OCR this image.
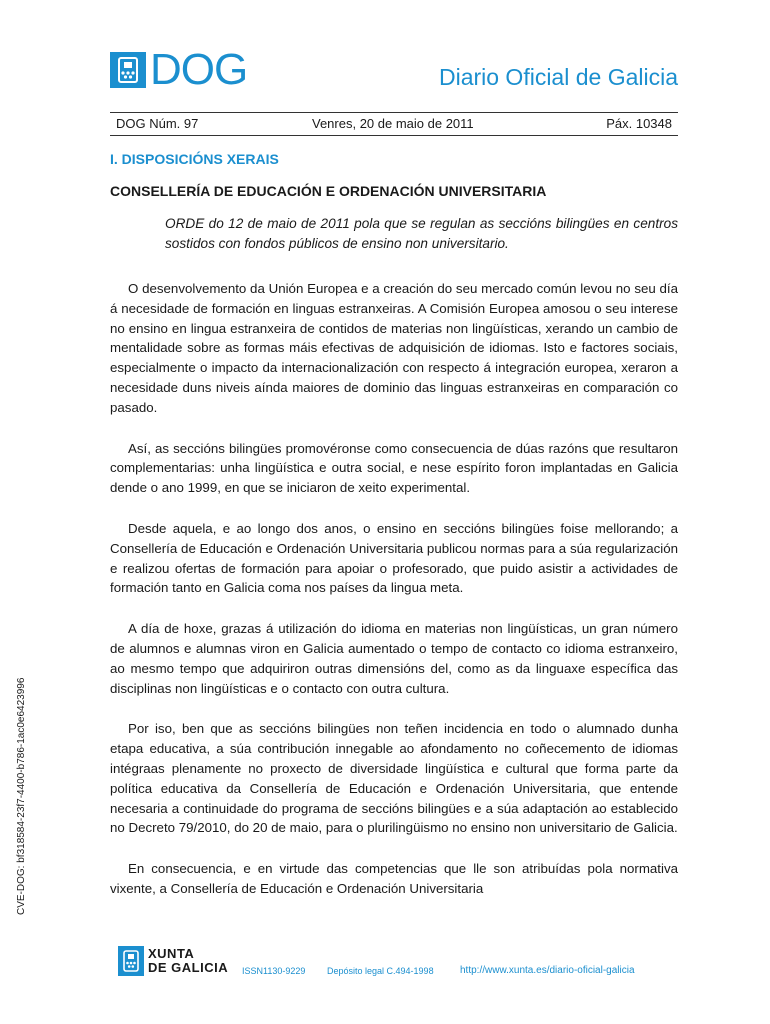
DOG	Diario Oficial de Galicia
DOG Núm. 97	Venres, 20 de maio de 2011	Páx. 10348
I. DISPOSICIÓNS XERAIS
CONSELLERÍA DE EDUCACIÓN E ORDENACIÓN UNIVERSITARIA
ORDE do 12 de maio de 2011 pola que se regulan as seccións bilingües en centros sostidos con fondos públicos de ensino non universitario.

O desenvolvemento da Unión Europea e a creación do seu mercado común levou no seu día á necesidade de formación en linguas estranxeiras. A Comisión Europea amosou o seu interese no ensino en lingua estranxeira de contidos de materias non lingüísticas, xerando un cambio de mentalidade sobre as formas máis efectivas de adquisición de idiomas. Isto e factores sociais, especialmente o impacto da internacionalización con respecto á integración europea, xeraron a necesidade duns niveis aínda maiores de dominio das linguas estranxeiras en comparación co pasado.

Así, as seccións bilingües promovéronse como consecuencia de dúas razóns que resultaron complementarias: unha lingüística e outra social, e nese espírito foron implantadas en Galicia dende o ano 1999, en que se iniciaron de xeito experimental.

Desde aquela, e ao longo dos anos, o ensino en seccións bilingües foise mellorando; a Consellería de Educación e Ordenación Universitaria publicou normas para a súa regularización e realizou ofertas de formación para apoiar o profesorado, que puido asistir a actividades de formación tanto en Galicia coma nos países da lingua meta.

A día de hoxe, grazas á utilización do idioma en materias non lingüísticas, un gran número de alumnos e alumnas viron en Galicia aumentado o tempo de contacto co idioma estranxeiro, ao mesmo tempo que adquiriron outras dimensións del, como as da linguaxe específica das disciplinas non lingüísticas e o contacto con outra cultura.

Por iso, ben que as seccións bilingües non teñen incidencia en todo o alumnado dunha etapa educativa, a súa contribución innegable ao afondamento no coñecemento de idiomas intégraas plenamente no proxecto de diversidade lingüística e cultural que forma parte da política educativa da Consellería de Educación e Ordenación Universitaria, que entende necesaria a continuidade do programa de seccións bilingües e a súa adaptación ao establecido no Decreto 79/2010, do 20 de maio, para o plurilingüismo no ensino non universitario de Galicia.

En consecuencia, e en virtude das competencias que lle son atribuídas pola normativa vixente, a Consellería de Educación e Ordenación Universitaria

CVE-DOG: bf318584-23f7-4400-b786-1ac0e6423996
XUNTA
DE GALICIA ISSN1130-9229 Depósito legal C.494-1998	http://www.xunta.es/diario-oficial-galicia
